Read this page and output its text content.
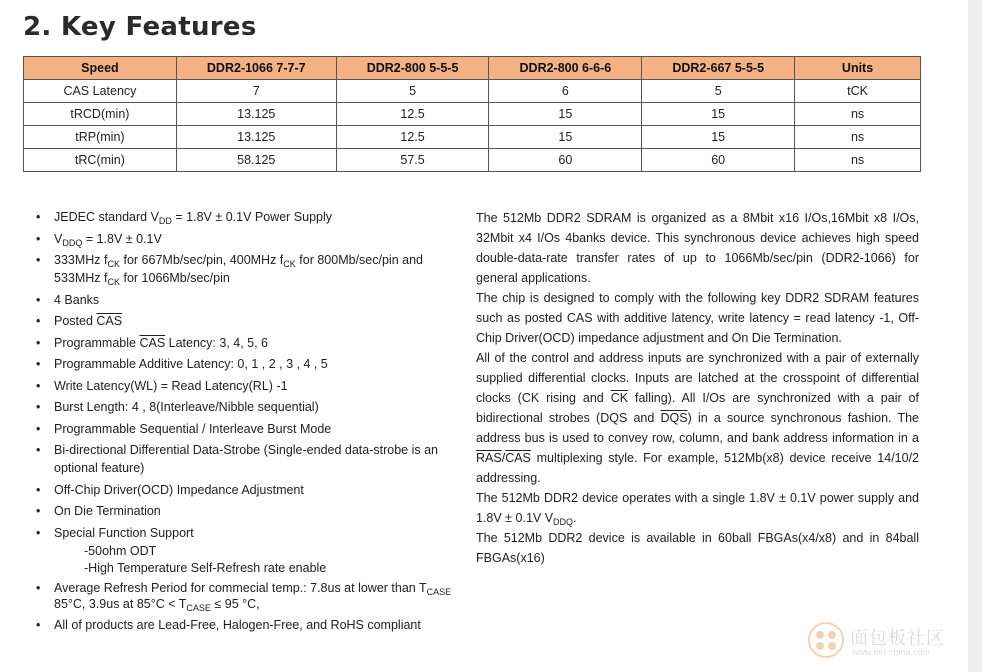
2. Key Features
Speed	DDR2-1066 7-7-7	DDR2-800 5-5-5	DDR2-800 6-6-6	DDR2-667 5-5-5	Units
CAS Latency	7	5	6	5	tCK
tRCD(min)	13.125	12.5	15	15	ns
tRP(min)	13.125	12.5	15	15	ns
tRC(min)	58.125	57.5	60	60	ns
• JEDEC standard $V_{DD} = 1.8V \pm 0.1V$ Power Supply
• $V_{DDQ} = 1.8V \pm 0.1V$
• 333MHz $f_{CK}$ for 667Mb/sec/pin, 400MHz $f_{CK}$ for 800Mb/sec/pin and 533MHz $f_{CK}$ for 1066Mb/sec/pin
• 4 Banks
• Posted $\overline{CAS}$
• Programmable $\overline{CAS}$ Latency: 3, 4, 5, 6
• Programmable Additive Latency: 0, 1 , 2 , 3 , 4 , 5
• Write Latency(WL) = Read Latency(RL) -1
• Burst Length: 4 , 8(Interleave/Nibble sequential)
• Programmable Sequential / Interleave Burst Mode
• Bi-directional Differential Data-Strobe (Single-ended data-strobe is an optional feature)
• Off-Chip Driver(OCD) Impedance Adjustment
• On Die Termination
• Special Function Support
-50ohm ODT
-High Temperature Self-Refresh rate enable
• Average Refresh Period for commecial temp.: 7.8us at lower than $T_{CASE}$ 85°C, 3.9us at $85^\circ C < T_{CASE} \le 95$ °C,
• All of products are Lead-Free, Halogen-Free, and RoHS compliant

The 512Mb DDR2 SDRAM is organized as a 8Mbit x16 I/Os,16Mbit x8 I/Os, 32Mbit x4 I/Os 4banks device. This synchronous device achieves high speed double-data-rate transfer rates of up to 1066Mb/sec/pin (DDR2-1066) for general applications.

The chip is designed to comply with the following key DDR2 SDRAM features such as posted CAS with additive latency, write latency = read latency -1, Off-Chip Driver(OCD) impedance adjustment and On Die Termination.

All of the control and address inputs are synchronized with a pair of externally supplied differential clocks. Inputs are latched at the crosspoint of differential clocks (CK rising and $\overline{CK}$ falling). All I/Os are synchronized with a pair of bidirectional strobes (DQS and $\overline{DQS}$) in a source synchronous fashion. The address bus is used to convey row, column, and bank address information in a $\overline{RAS}/\overline{CAS}$ multiplexing style. For example, 512Mb(x8) device receive 14/10/2 addressing.

The 512Mb DDR2 device operates with a single 1.8V ± 0.1V power supply and 1.8V ± 0.1V $V_{DDQ}$.

The 512Mb DDR2 device is available in 60ball FBGAs(x4/x8) and in 84ball FBGAs(x16)

面包板社区
www.eet-china.com
